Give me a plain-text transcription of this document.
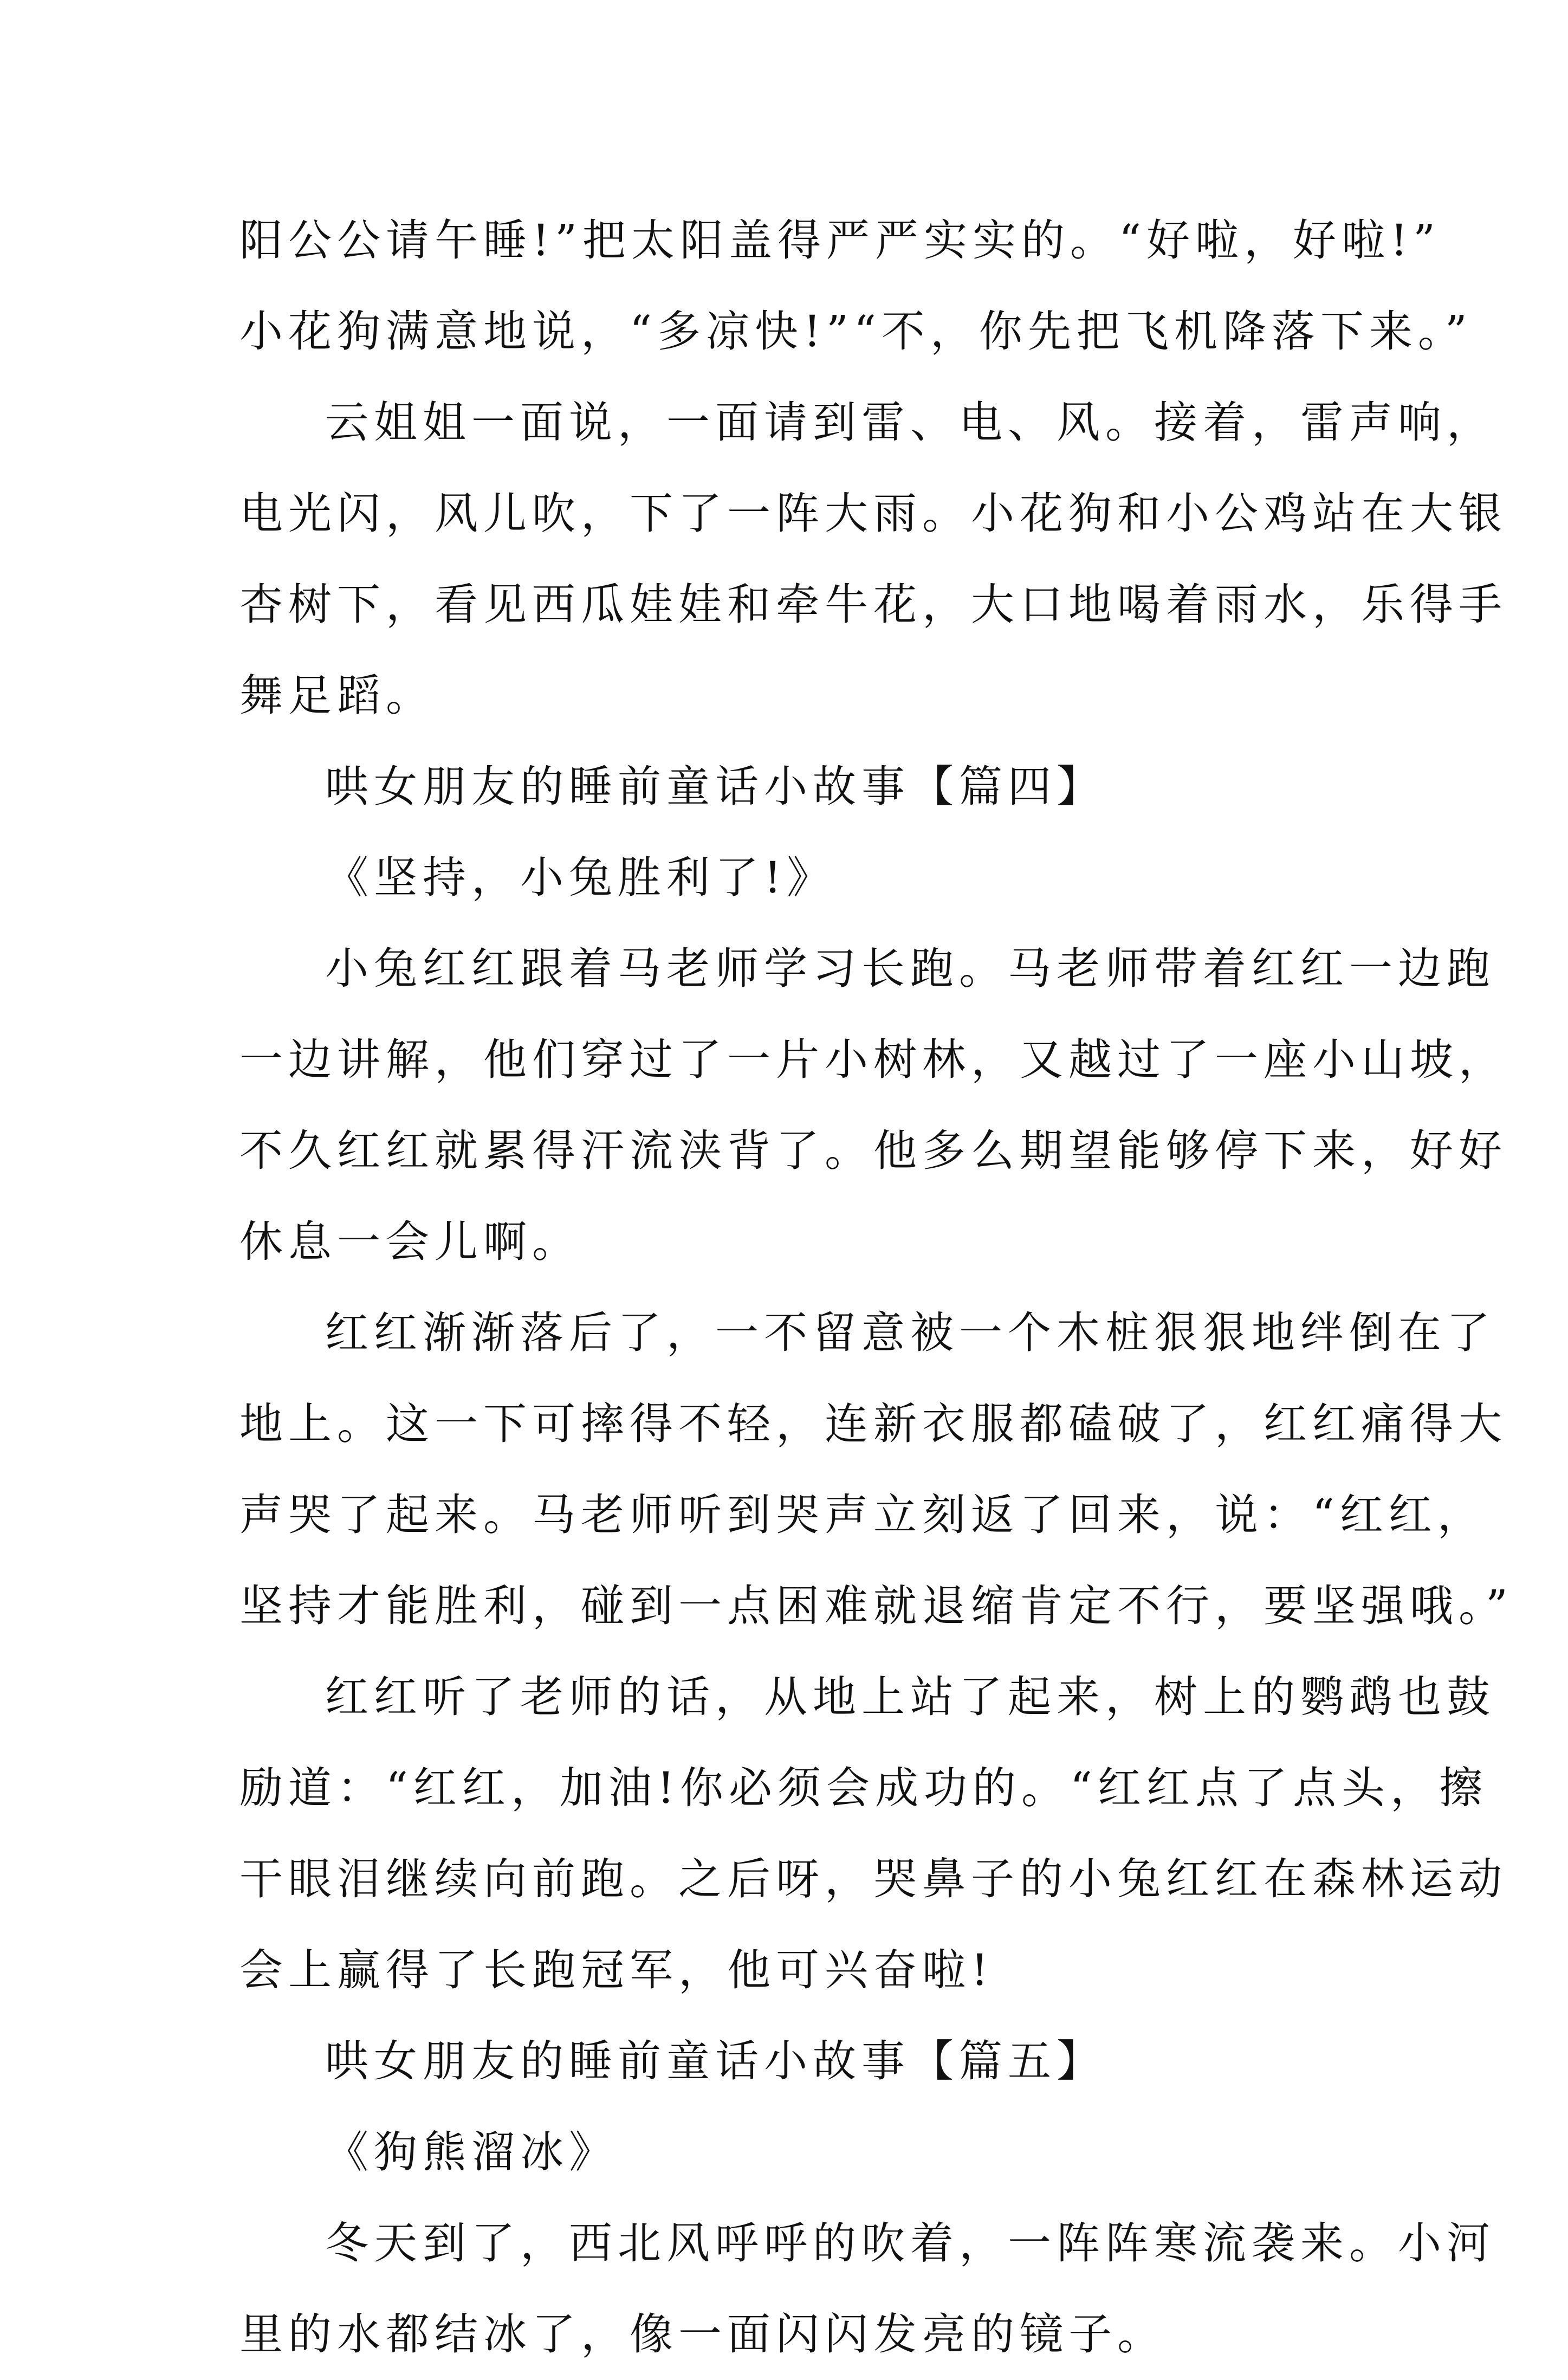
阳公公请午睡!”把太阳盖得严严实实的。“好啦，好啦!”
小花狗满意地说，“多凉快!”“不，你先把飞机降落下来。”
云姐姐一面说，一面请到雷、电、风。接着，雷声响，
电光闪，风儿吹，下了一阵大雨。小花狗和小公鸡站在大银
杏树下，看见西瓜娃娃和牵牛花，大口地喝着雨水，乐得手
舞足蹈。
哄女朋友的睡前童话小故事【篇四】
《坚持，小兔胜利了!》
小兔红红跟着马老师学习长跑。马老师带着红红一边跑
一边讲解，他们穿过了一片小树林，又越过了一座小山坡，
不久红红就累得汗流浃背了。他多么期望能够停下来，好好
休息一会儿啊。
红红渐渐落后了，一不留意被一个木桩狠狠地绊倒在了
地上。这一下可摔得不轻，连新衣服都磕破了，红红痛得大
声哭了起来。马老师听到哭声立刻返了回来，说：“红红，
坚持才能胜利，碰到一点困难就退缩肯定不行，要坚强哦。”
红红听了老师的话，从地上站了起来，树上的鹦鹉也鼓
励道：“红红，加油!你必须会成功的。“红红点了点头，擦
干眼泪继续向前跑。之后呀，哭鼻子的小兔红红在森林运动
会上赢得了长跑冠军，他可兴奋啦!
哄女朋友的睡前童话小故事【篇五】
《狗熊溜冰》
冬天到了，西北风呼呼的吹着，一阵阵寒流袭来。小河
里的水都结冰了，像一面闪闪发亮的镜子。
